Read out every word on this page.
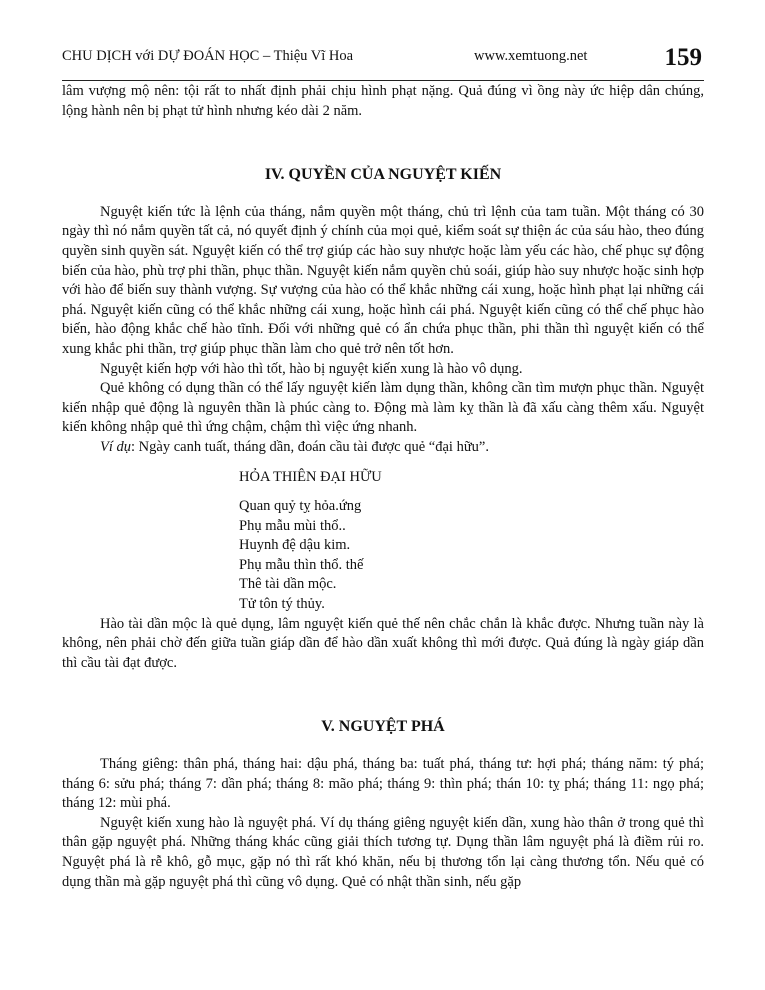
CHU DỊCH với DỰ ĐOÁN HỌC – Thiệu Vĩ Hoa	www.xemtuong.net	159

lâm vượng mộ nên: tội rất to nhất định phải chịu hình phạt nặng. Quả đúng vì ồng này ức hiệp dân chúng, lộng hành nên bị phạt tử hình nhưng kéo dài 2 năm.

IV. QUYỀN CỦA NGUYỆT KIẾN

Nguyệt kiến tức là lệnh của tháng, nắm quyền một tháng, chủ trì lệnh của tam tuần. Một tháng có 30 ngày thì nó nắm quyền tất cả, nó quyết định ý chính của mọi quẻ, kiểm soát sự thiện ác của sáu hào, theo đúng quyền sinh quyền sát. Nguyệt kiến có thể trợ giúp các hào suy nhược hoặc làm yếu các hào, chế phục sự động biến của hào, phù trợ phi thần, phục thần. Nguyệt kiến nắm quyền chủ soái, giúp hào suy nhược hoặc sinh hợp với hào để biến suy thành vượng. Sự vượng của hào có thể khắc những cái xung, hoặc hình phạt lại những cái phá. Nguyệt kiến cũng có thể khắc những cái xung, hoặc hình cái phá. Nguyệt kiến cũng có thể chế phục hào biến, hào động khắc chế hào tĩnh. Đối với những quẻ có ẩn chứa phục thần, phi thần thì nguyệt kiến có thể xung khắc phi thần, trợ giúp phục thần làm cho quẻ trở nên tốt hơn.

Nguyệt kiến hợp với hào thì tốt, hào bị nguyệt kiến xung là hào vô dụng.

Quẻ không có dụng thần có thể lấy nguyệt kiến làm dụng thần, không cần tìm mượn phục thần. Nguyệt kiến nhập quẻ động là nguyên thần là phúc càng to. Động mà làm kỵ thần là đã xấu càng thêm xấu. Nguyệt kiến không nhập quẻ thì ứng chậm, chậm thì việc ứng nhanh.

Ví dụ: Ngày canh tuất, tháng dần, đoán cầu tài được quẻ “đại hữu”.

HỎA THIÊN ĐẠI HỮU

Quan quỷ tỵ hỏa.ứng

Phụ mẫu mùi thổ..

Huynh đệ dậu kim.

Phụ mẫu thìn thổ. thế

Thê tài dần mộc.

Tử tôn tý thủy.

Hào tài dần mộc là quẻ dụng, lâm nguyệt kiến quẻ thế nên chắc chắn là khắc được. Nhưng tuần này là không, nên phải chờ đến giữa tuần giáp dần để hào dần xuất không thì mới được. Quả đúng là ngày giáp dần thì cầu tài đạt được.

V. NGUYỆT PHÁ

Tháng giêng: thân phá, tháng hai: dậu phá, tháng ba: tuất phá, tháng tư: hợi phá; tháng năm: tý phá; tháng 6: sửu phá; tháng 7: dần phá; tháng 8: mão phá; tháng 9: thìn phá; thán 10: tỵ phá; tháng 11: ngọ phá; tháng 12: mùi phá.

Nguyệt kiến xung hào là nguyệt phá. Ví dụ tháng giêng nguyệt kiến dần, xung hào thân ở trong quẻ thì thân gặp nguyệt phá. Những tháng khác cũng giải thích tương tự. Dụng thần lâm nguyệt phá là điềm rủi ro. Nguyệt phá là rễ khô, gỗ mục, gặp nó thì rất khó khăn, nếu bị thương tổn lại càng thương tổn. Nếu quẻ có dụng thần mà gặp nguyệt phá thì cũng vô dụng. Quẻ có nhật thần sinh, nếu gặp
